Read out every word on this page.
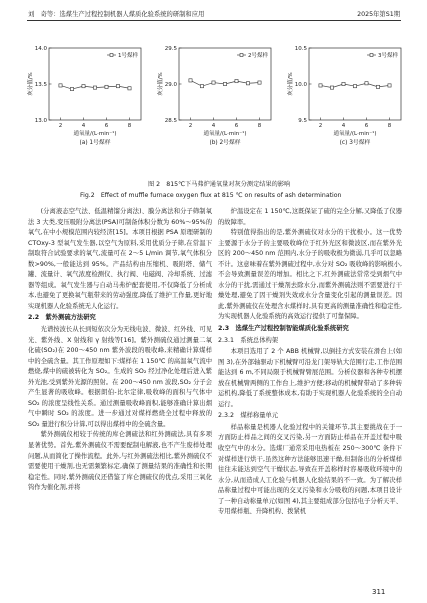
刘　奇等：选煤生产过程控制机器人煤质化验系统的研制和应用	2025年第S1期
14.0
13.5
13.0
2	4	6	8
灰分值/%
通氧量/(L·min⁻¹)
(a) 1号煤样
1号煤样
29.5
29.0
28.5
2	4	6	8
灰分值/%
通氧量/(L·min⁻¹)
(b) 2号煤样
2号煤样
10.5
10.0
9.5
2	4	6	8
灰分值/%
通氧量/(L·min⁻¹)
(c) 3号煤样
3号煤样
图 2　815℃下马弗炉通氧量对灰分测定结果的影响
Fig.2　Effect of muffle furnace oxygen flux at 815 ℃ on results of ash determination

(分离液态空气法、低温精馏分离法)、膜分离法和分子筛制氧法 3 大类,变压吸附分离法(PSA)可制备体积分数为 60%～95%的氧气,在中小规模范围内较经济[15]。本项目根据 PSA 原理研制的 CTOxy-3 型氧气发生器,以空气为原料,采用优质分子筛,在常温下制取符合试验要求的氧气,流量可在 2～5 L/min 调节,氧气体积分数>90%,一般能达到 95%。产品结构由压缩机、吸附塔、储气罐、流量计、氧气浓度检测仪、执行阀、电磁阀、冷却系统、过滤器等组成。氧气发生器与自动马弗炉配套使用,不仅降低了分析成本,也避免了更换氧气瓶带来的劳动强度,降低了维护工作量,更好地实现机器人化验系统无人化运行。

2.2　紫外测硫方法研究

光谱按波长从长到短依次分为无线电波、微波、红外线、可见光、紫外线、X 射线和 γ 射线等[16]。紫外测硫仪通过测量二氧化硫(SO₂)在 200～450 nm 紫外波段的吸收峰,来精确计算煤样中的全硫含量。其工作原理如下:煤样在 1 150℃ 的高温氧气流中燃烧,煤中的硫被转化为 SO₂。生成的 SO₂ 经过净化处理后进入紫外光池,受到紫外光源的照射。在 200～450 nm 波段,SO₂ 分子会产生显著的吸收峰。根据朗伯-比尔定律,吸收峰的面积与气体中 SO₂ 的浓度呈线性关系。通过测量吸收峰面积,能够准确计算出烟气中瞬时 SO₂ 的浓度。进一步通过对煤样燃烧全过程中释放的 SO₂ 量进行积分计算,可以得出煤样中的全硫含量。

紫外测硫仪相较于传统的库仑测硫法和红外测硫法,具有多项显著优势。首先,紫外测硫仪不需要配制电解液,也不产生废样处理问题,从而简化了操作流程。此外,与红外测硫法相比,紫外测硫仪不需要使用干燥剂,也无需频繁标定,确保了测量结果的准确性和长期稳定性。同时,紫外测硫仪还借鉴了库仑测硫仪的优点,采用三氧化钨作为催化剂,并将

炉温设定在 1 150℃,这既保证了硫的完全分解,又降低了仪器的故障率。

特别值得指出的是,紫外测硫仪对水分的干扰极小。这一优势主要源于水分子的主要吸收峰位于红外光区和微波区,而在紫外光区的 200～450 nm 范围内,水分子的吸收极为微弱,几乎可以忽略不计。这意味着在紫外测硫过程中,水分对 SO₂ 吸收峰的影响极小,不会导致测量误差的增加。相比之下,红外测硫法常常受到烟气中水分的干扰,需通过干燥剂去除水分,而紫外测硫法则不需要进行干燥处理,避免了因干燥剂失效或水分含量变化引起的测量误差。因此,紫外测硫仪在处理含水煤样时,具有更高的测量准确性和稳定性,为实现机器人化验系统的高效运行提供了可靠保障。

2.3　选煤生产过程控制智能煤质化验系统研究

2.3.1　系统总体构架

本项目选用了 2 个 ABB 机械臂,以倒挂方式安装在滑台上(如图 3),在外部轴驱动下机械臂可沿龙门架导轨大范围行走,工作范围能达到 6 m,不同局限于机械臂臂展范围。分析仪器和各种专机摆放在机械臂两侧的工作台上,维护方便;移动的机械臂带动了多种转运机构,降低了系统整体成本,有助于实现机器人化验系统的全自动运行。

2.3.2　煤样称量单元

样品称量是机器人化验过程中的关键环节,其主要挑战在于一方面防止样品之间的交叉污染,另一方面防止样品在开盖过程中吸收空气中的水分。选煤厂通常采用电热板在 250～300℃ 条件下对煤样进行烘干,虽然这种方法能够迅速干燥,但制备出的分析煤样往往未能达到空气干燥状态,导致在开盖称样时容易吸收环境中的水分,从而造成人工化验与机器人化验结果的不一致。为了解决样品称量过程中可能出现的交叉污染和水分吸收的问题,本项目设计了一种自动称量单元(如图 4),其主要组成部分包括电子分析天平、专用煤样瓶、升降机构、拨紧机

311
